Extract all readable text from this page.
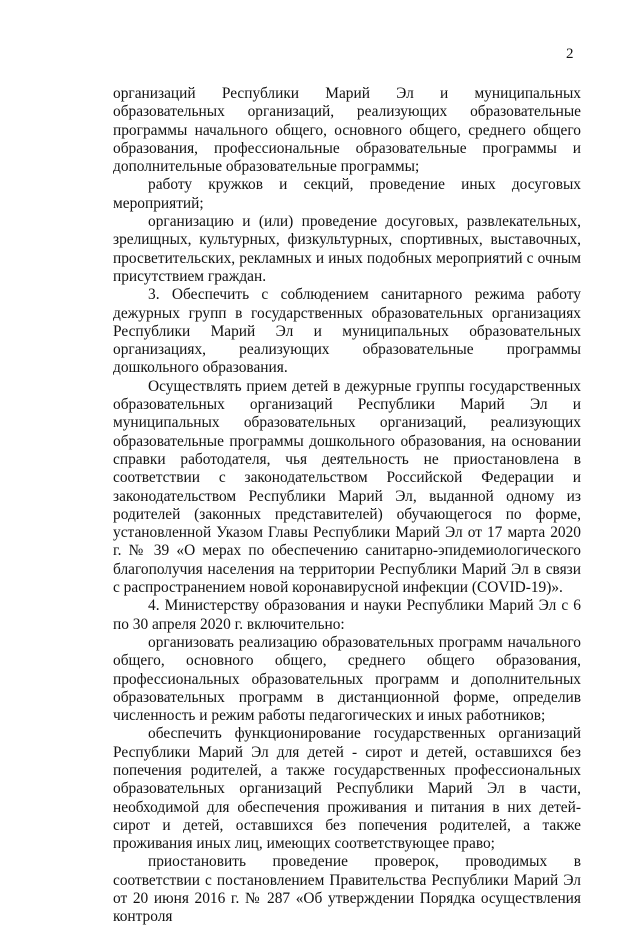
2

организаций Республики Марий Эл и муниципальных образовательных организаций, реализующих образовательные программы начального общего, основного общего, среднего общего образования, профессиональные образовательные программы и дополнительные образовательные программы;

работу кружков и секций, проведение иных досуговых мероприятий;

организацию и (или) проведение досуговых, развлекательных, зрелищных, культурных, физкультурных, спортивных, выставочных, просветительских, рекламных и иных подобных мероприятий с очным присутствием граждан.

3. Обеспечить с соблюдением санитарного режима работу дежурных групп в государственных образовательных организациях Республики Марий Эл и муниципальных образовательных организациях, реализующих образовательные программы дошкольного образования.

Осуществлять прием детей в дежурные группы государственных образовательных организаций Республики Марий Эл и муниципальных образовательных организаций, реализующих образовательные программы дошкольного образования, на основании справки работодателя, чья деятельность не приостановлена в соответствии с законодательством Российской Федерации и законодательством Республики Марий Эл, выданной одному из родителей (законных представителей) обучающегося по форме, установленной Указом Главы Республики Марий Эл от 17 марта 2020 г. № 39 «О мерах по обеспечению санитарно-эпидемиологического благополучия населения на территории Республики Марий Эл в связи с распространением новой коронавирусной инфекции (COVID-19)».

4. Министерству образования и науки Республики Марий Эл с 6 по 30 апреля 2020 г. включительно:

организовать реализацию образовательных программ начального общего, основного общего, среднего общего образования, профессиональных образовательных программ и дополнительных образовательных программ в дистанционной форме, определив численность и режим работы педагогических и иных работников;

обеспечить функционирование государственных организаций Республики Марий Эл для детей - сирот и детей, оставшихся без попечения родителей, а также государственных профессиональных образовательных организаций Республики Марий Эл в части, необходимой для обеспечения проживания и питания в них детей-сирот и детей, оставшихся без попечения родителей, а также проживания иных лиц, имеющих соответствующее право;

приостановить проведение проверок, проводимых в соответствии с постановлением Правительства Республики Марий Эл от 20 июня 2016 г. № 287 «Об утверждении Порядка осуществления контроля
